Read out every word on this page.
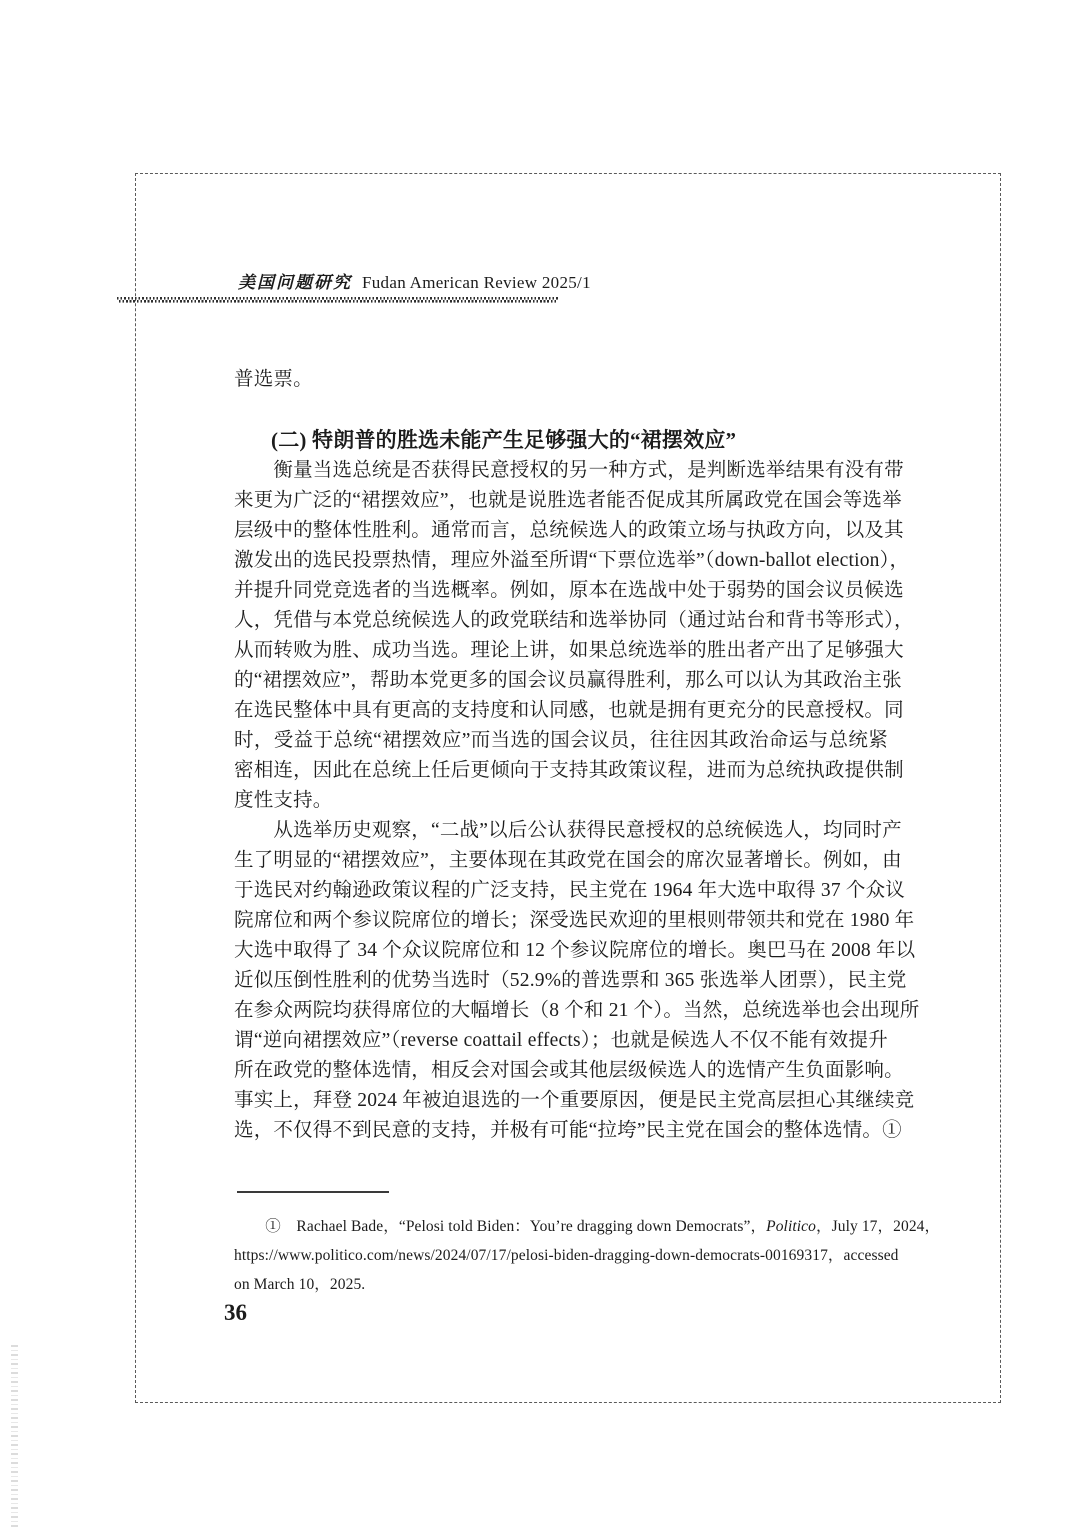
美国问题研究 Fudan American Review 2025/1
普选票。
(二) 特朗普的胜选未能产生足够强大的“裙摆效应”
　　衡量当选总统是否获得民意授权的另一种方式，是判断选举结果有没有带
来更为广泛的“裙摆效应”，也就是说胜选者能否促成其所属政党在国会等选举
层级中的整体性胜利。通常而言，总统候选人的政策立场与执政方向，以及其
激发出的选民投票热情，理应外溢至所谓“下票位选举”（down-ballot election），
并提升同党竞选者的当选概率。例如，原本在选战中处于弱势的国会议员候选
人，凭借与本党总统候选人的政党联结和选举协同（通过站台和背书等形式），
从而转败为胜、成功当选。理论上讲，如果总统选举的胜出者产出了足够强大
的“裙摆效应”，帮助本党更多的国会议员赢得胜利，那么可以认为其政治主张
在选民整体中具有更高的支持度和认同感，也就是拥有更充分的民意授权。同
时，受益于总统“裙摆效应”而当选的国会议员，往往因其政治命运与总统紧
密相连，因此在总统上任后更倾向于支持其政策议程，进而为总统执政提供制
度性支持。
　　从选举历史观察，“二战”以后公认获得民意授权的总统候选人，均同时产
生了明显的“裙摆效应”，主要体现在其政党在国会的席次显著增长。例如，由
于选民对约翰逊政策议程的广泛支持，民主党在 1964 年大选中取得 37 个众议
院席位和两个参议院席位的增长；深受选民欢迎的里根则带领共和党在 1980 年
大选中取得了 34 个众议院席位和 12 个参议院席位的增长。奥巴马在 2008 年以
近似压倒性胜利的优势当选时（52.9%的普选票和 365 张选举人团票），民主党
在参众两院均获得席位的大幅增长（8 个和 21 个）。当然，总统选举也会出现所
谓“逆向裙摆效应”（reverse coattail effects）；也就是候选人不仅不能有效提升
所在政党的整体选情，相反会对国会或其他层级候选人的选情产生负面影响。
事实上，拜登 2024 年被迫退选的一个重要原因，便是民主党高层担心其继续竞
选，不仅得不到民意的支持，并极有可能“拉垮”民主党在国会的整体选情。①
　　①　Rachael Bade，“Pelosi told Biden：You’re dragging down Democrats”，Politico，July 17，2024，
https://www.politico.com/news/2024/07/17/pelosi-biden-dragging-down-democrats-00169317，accessed
on March 10，2025.
36
